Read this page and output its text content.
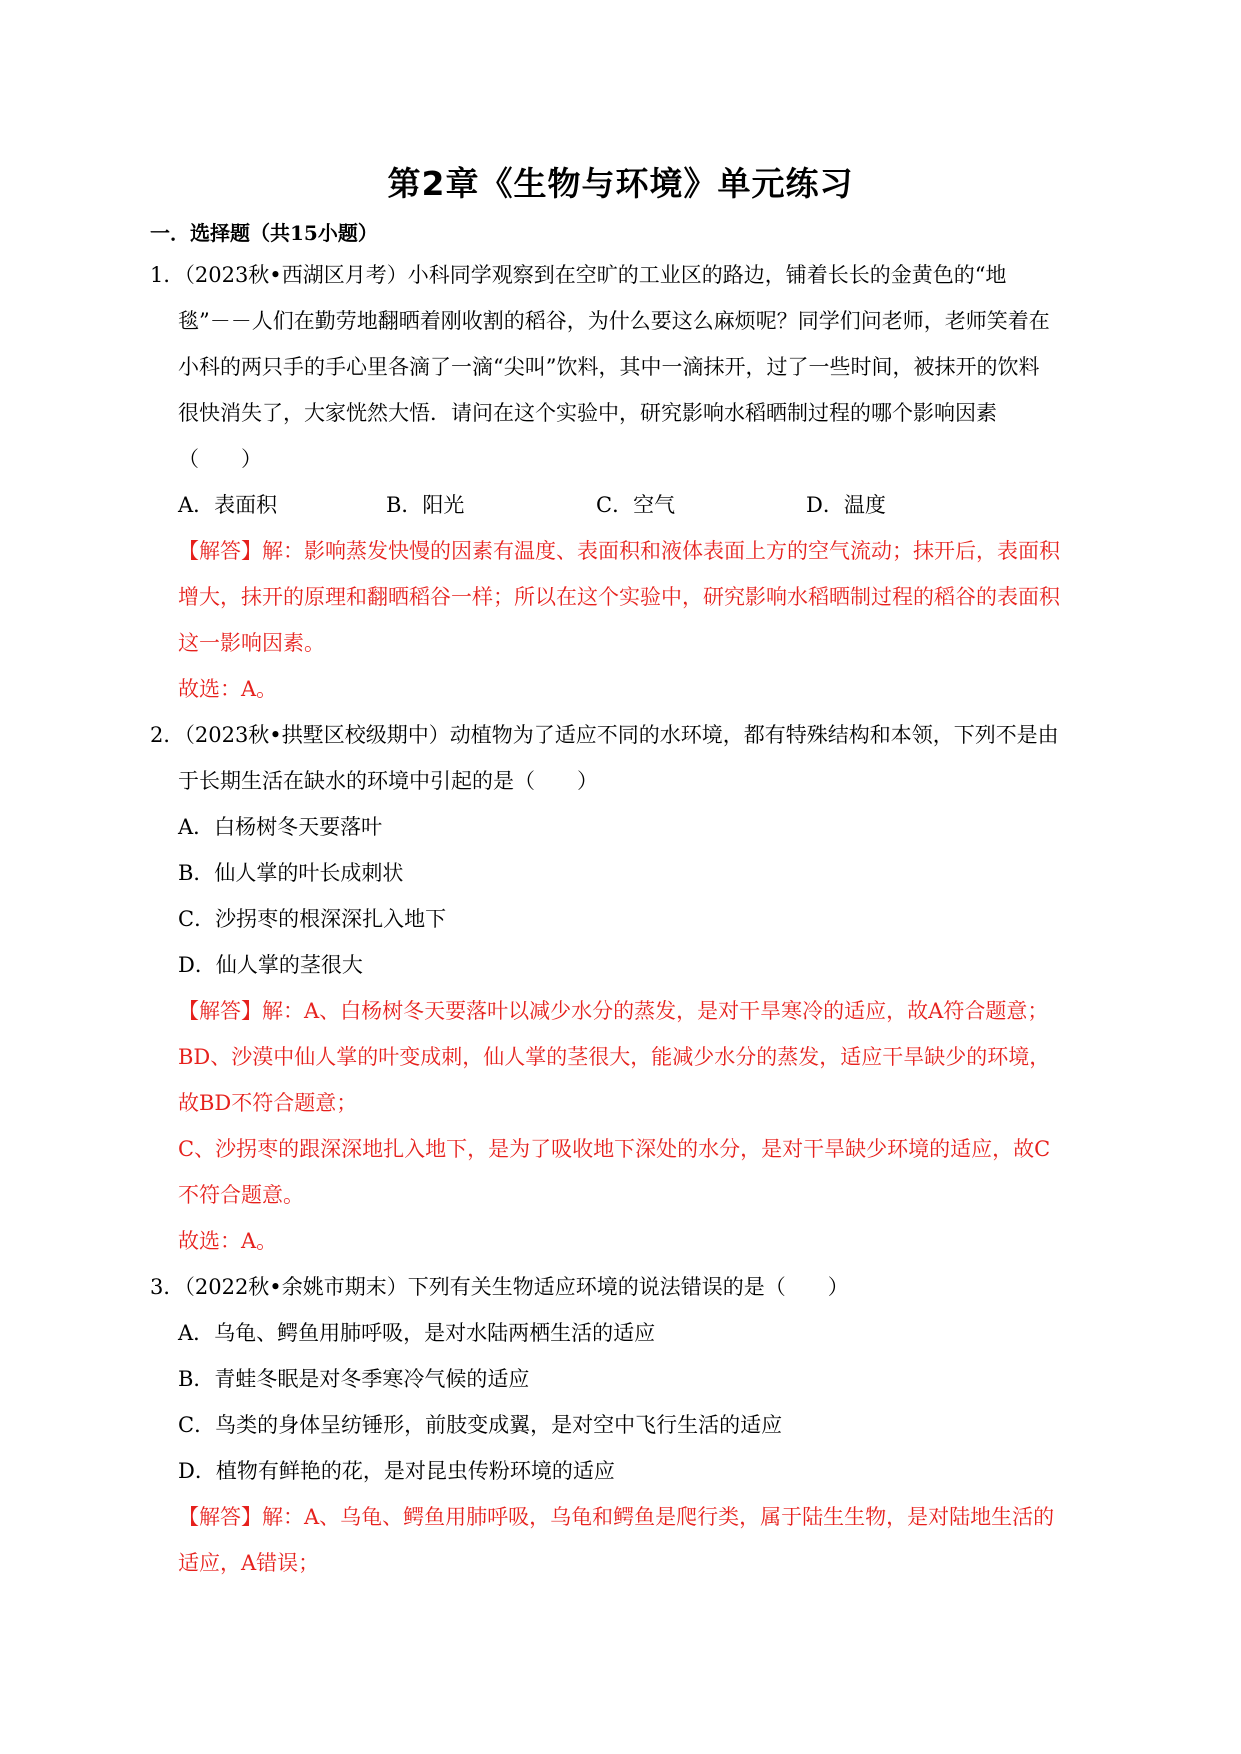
第2章《生物与环境》单元练习
一．选择题（共15小题）
1．（2023秋•西湖区月考）小科同学观察到在空旷的工业区的路边，铺着长长的金黄色的“地
毯”－－人们在勤劳地翻晒着刚收割的稻谷，为什么要这么麻烦呢？同学们问老师，老师笑着在
小科的两只手的手心里各滴了一滴“尖叫”饮料，其中一滴抹开，过了一些时间，被抹开的饮料
很快消失了，大家恍然大悟．请问在这个实验中，研究影响水稻晒制过程的哪个影响因素
（　　）
A．表面积	B．阳光	C．空气	D．温度
【解答】解：影响蒸发快慢的因素有温度、表面积和液体表面上方的空气流动；抹开后，表面积
增大，抹开的原理和翻晒稻谷一样；所以在这个实验中，研究影响水稻晒制过程的稻谷的表面积
这一影响因素。
故选：A。
2．（2023秋•拱墅区校级期中）动植物为了适应不同的水环境，都有特殊结构和本领，下列不是由
于长期生活在缺水的环境中引起的是（　　）
A．白杨树冬天要落叶
B．仙人掌的叶长成刺状
C．沙拐枣的根深深扎入地下
D．仙人掌的茎很大
【解答】解：A、白杨树冬天要落叶以减少水分的蒸发，是对干旱寒冷的适应，故A符合题意；
BD、沙漠中仙人掌的叶变成刺，仙人掌的茎很大，能减少水分的蒸发，适应干旱缺少的环境，
故BD不符合题意；
C、沙拐枣的跟深深地扎入地下，是为了吸收地下深处的水分，是对干旱缺少环境的适应，故C
不符合题意。
故选：A。
3．（2022秋•余姚市期末）下列有关生物适应环境的说法错误的是（　　）
A．乌龟、鳄鱼用肺呼吸，是对水陆两栖生活的适应
B．青蛙冬眠是对冬季寒冷气候的适应
C．鸟类的身体呈纺锤形，前肢变成翼，是对空中飞行生活的适应
D．植物有鲜艳的花，是对昆虫传粉环境的适应
【解答】解：A、乌龟、鳄鱼用肺呼吸，乌龟和鳄鱼是爬行类，属于陆生生物，是对陆地生活的
适应，A错误；
